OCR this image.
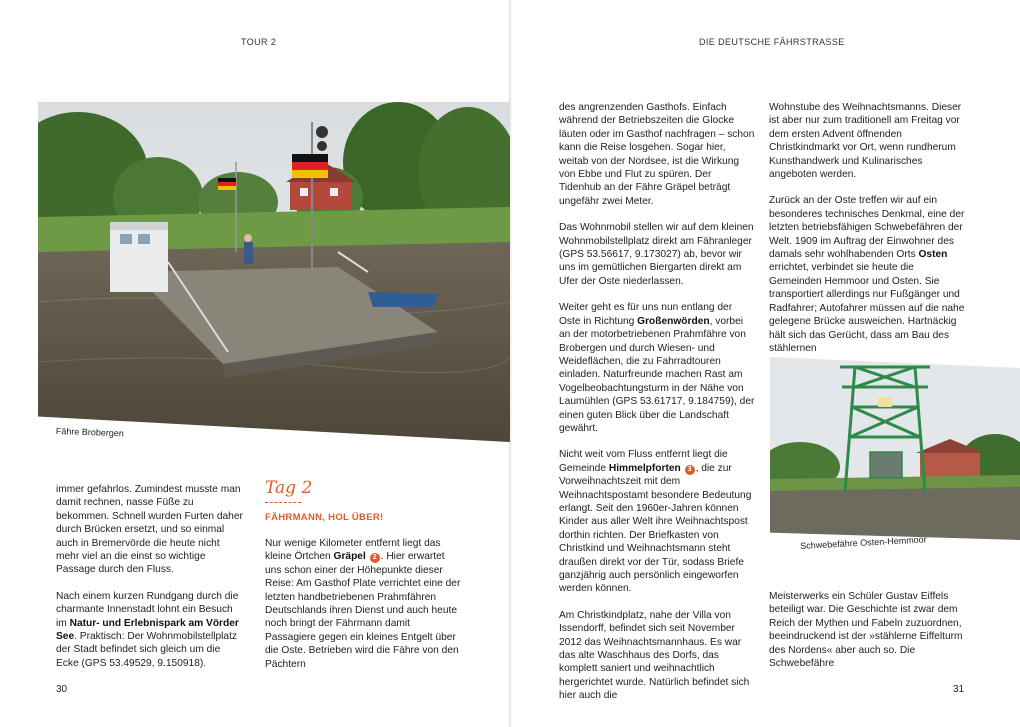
TOUR 2	DIE DEUTSCHE FÄHRSTRASSE
Fähre Brobergen

immer gefahrlos. Zumindest musste man damit rechnen, nasse Füße zu bekommen. Schnell wurden Furten daher durch Brücken ersetzt, und so einmal auch in Bremervörde die heute nicht mehr viel an die einst so wichtige Passage durch den Fluss.

Nach einem kurzen Rundgang durch die charmante Innenstadt lohnt ein Besuch im Natur- und Erlebnispark am Vörder See. Praktisch: Der Wohnmobilstellplatz der Stadt befindet sich gleich um die Ecke (GPS 53.49529, 9.150918).

Tag 2
FÄHRMANN, HOL ÜBER!

Nur wenige Kilometer entfernt liegt das kleine Örtchen Gräpel 2 . Hier erwartet uns schon einer der Höhepunkte dieser Reise: Am Gasthof Plate verrichtet eine der letzten handbetriebenen Prahmfähren Deutschlands ihren Dienst und auch heute noch bringt der Fährmann damit Passagiere gegen ein kleines Entgelt über die Oste. Betrieben wird die Fähre von den Pächtern

des angrenzenden Gasthofs. Einfach während der Betriebszeiten die Glocke läuten oder im Gasthof nachfragen – schon kann die Reise losgehen. Sogar hier, weitab von der Nordsee, ist die Wirkung von Ebbe und Flut zu spüren. Der Tidenhub an der Fähre Gräpel beträgt ungefähr zwei Meter.

Das Wohnmobil stellen wir auf dem kleinen Wohnmobilstellplatz direkt am Fähranleger (GPS 53.56617, 9.173027) ab, bevor wir uns im gemütlichen Biergarten direkt am Ufer der Oste niederlassen.

Weiter geht es für uns nun entlang der Oste in Richtung Großenwörden, vorbei an der motorbetriebenen Prahmfähre von Brobergen und durch Wiesen- und Weideflächen, die zu Fahrradtouren einladen. Naturfreunde machen Rast am Vogelbeobachtungsturm in der Nähe von Laumühlen (GPS 53.61717, 9.184759), der einen guten Blick über die Landschaft gewährt.

Nicht weit vom Fluss entfernt liegt die Gemeinde Himmelpforten 3 , die zur Vorweihnachtszeit mit dem Weihnachtspostamt besondere Bedeutung erlangt. Seit den 1960er-Jahren können Kinder aus aller Welt ihre Weihnachtspost dorthin richten. Der Briefkasten von Christkind und Weihnachtsmann steht draußen direkt vor der Tür, sodass Briefe ganzjährig auch persönlich eingeworfen werden können.

Am Christkindplatz, nahe der Villa von Issendorff, befindet sich seit November 2012 das Weihnachtsmannhaus. Es war das alte Waschhaus des Dorfs, das komplett saniert und weihnachtlich hergerichtet wurde. Natürlich befindet sich hier auch die

Wohnstube des Weihnachtsmanns. Dieser ist aber nur zum traditionell am Freitag vor dem ersten Advent öffnenden Christkindmarkt vor Ort, wenn rundherum Kunsthandwerk und Kulinarisches angeboten werden.

Zurück an der Oste treffen wir auf ein besonderes technisches Denkmal, eine der letzten betriebsfähigen Schwebefähren der Welt. 1909 im Auftrag der Einwohner des damals sehr wohlhabenden Orts Osten errichtet, verbindet sie heute die Gemeinden Hemmoor und Osten. Sie transportiert allerdings nur Fußgänger und Radfahrer; Autofahrer müssen auf die nahe gelegene Brücke ausweichen. Hartnäckig hält sich das Gerücht, dass am Bau des stählernen

Schwebefähre Osten-Hemmoor

Meisterwerks ein Schüler Gustav Eiffels beteiligt war. Die Geschichte ist zwar dem Reich der Mythen und Fabeln zuzuordnen, beeindruckend ist der »stählerne Eiffelturm des Nordens« aber auch so. Die Schwebefähre

30	31
